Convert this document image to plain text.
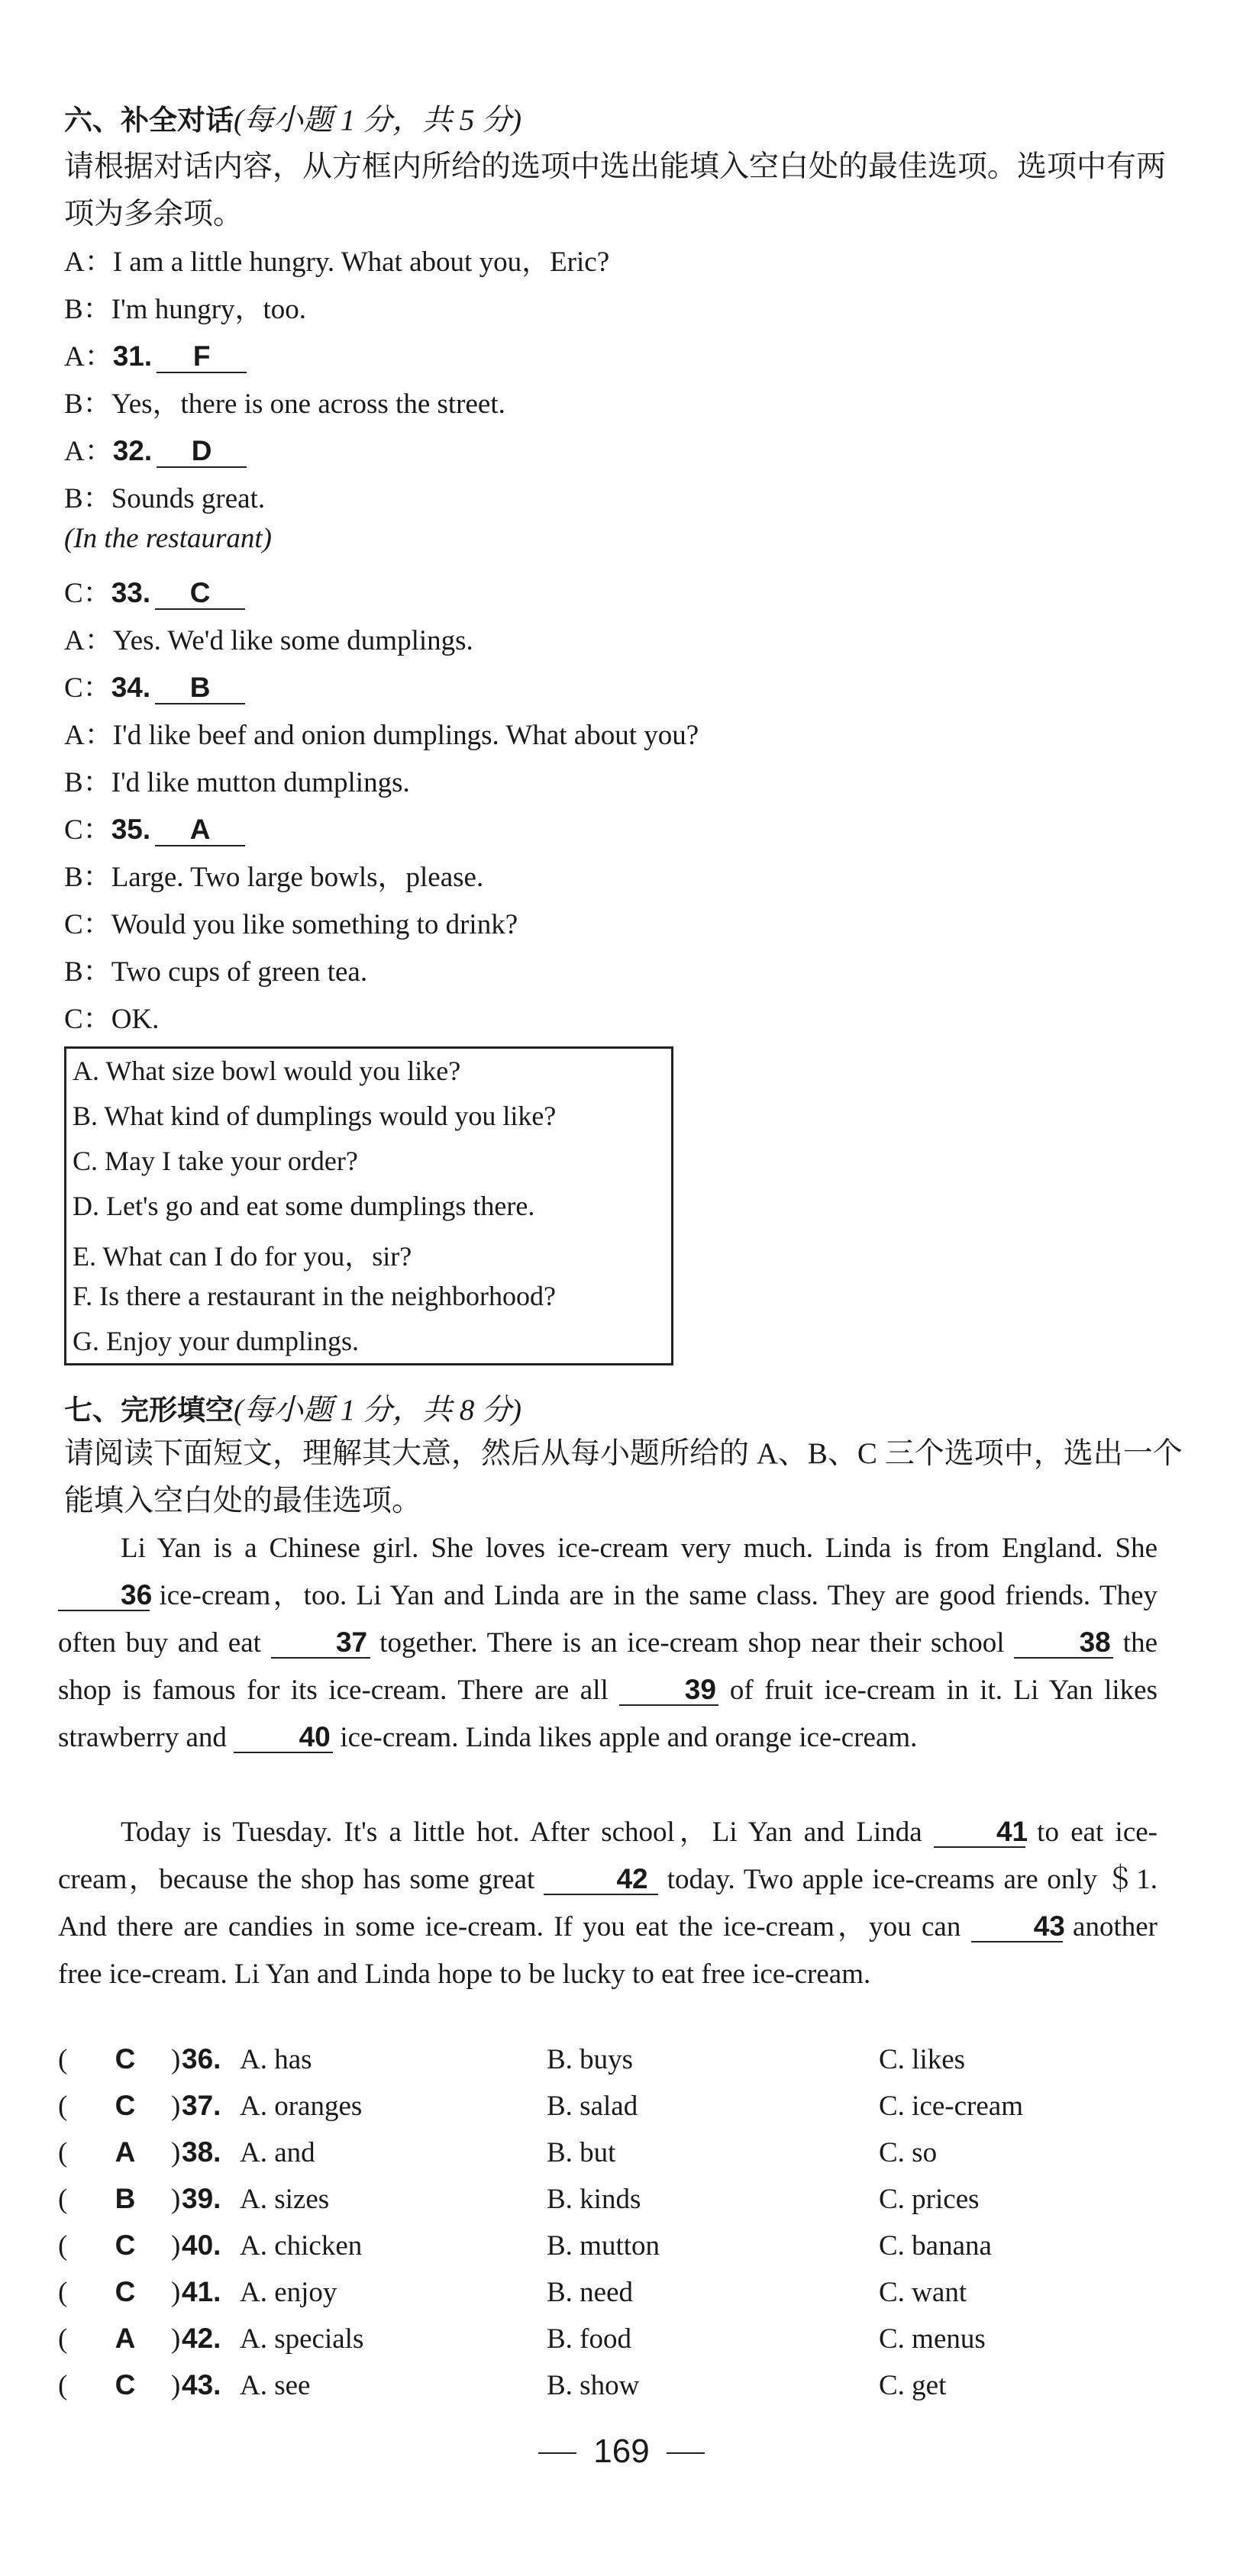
六、补全对话(每小题 1 分，共 5 分)
请根据对话内容，从方框内所给的选项中选出能填入空白处的最佳选项。选项中有两项为多余项。
A：I am a little hungry. What about you，Eric?
B：I'm hungry，too.
A：31. F
B：Yes，there is one across the street.
A：32. D
B：Sounds great.
(In the restaurant)
C：33. C
A：Yes. We'd like some dumplings.
C：34. B
A：I'd like beef and onion dumplings. What about you?
B：I'd like mutton dumplings.
C：35. A
B：Large. Two large bowls，please.
C：Would you like something to drink?
B：Two cups of green tea.
C：OK.
A. What size bowl would you like?
B. What kind of dumplings would you like?
C. May I take your order?
D. Let's go and eat some dumplings there.
E. What can I do for you，sir?
F. Is there a restaurant in the neighborhood?
G. Enjoy your dumplings.
七、完形填空(每小题 1 分，共 8 分)
请阅读下面短文，理解其大意，然后从每小题所给的 A、B、C 三个选项中，选出一个能填入空白处的最佳选项。
Li Yan is a Chinese girl. She loves ice-cream very much. Linda is from England. She 36 ice-cream，too. Li Yan and Linda are in the same class. They are good friends. They often buy and eat 37 together. There is an ice-cream shop near their school 38 the shop is famous for its ice-cream. There are all 39 of fruit ice-cream in it. Li Yan likes strawberry and 40 ice-cream. Linda likes apple and orange ice-cream.
Today is Tuesday. It's a little hot. After school，Li Yan and Linda 41 to eat ice-cream，because the shop has some great	42 today. Two apple ice-creams are only ＄1. And there are candies in some ice-cream. If you eat the ice-cream，you can 43 another free ice-cream. Li Yan and Linda hope to be lucky to eat free ice-cream.
( C ) 36. A. has	B. buys	C. likes
( C ) 37. A. oranges	B. salad	C. ice-cream
( A ) 38. A. and	B. but	C. so
( B ) 39. A. sizes	B. kinds	C. prices
( C ) 40. A. chicken	B. mutton	C. banana
( C ) 41. A. enjoy	B. need	C. want
( A ) 42. A. specials	B. food	C. menus
( C ) 43. A. see	B. show	C. get
169
